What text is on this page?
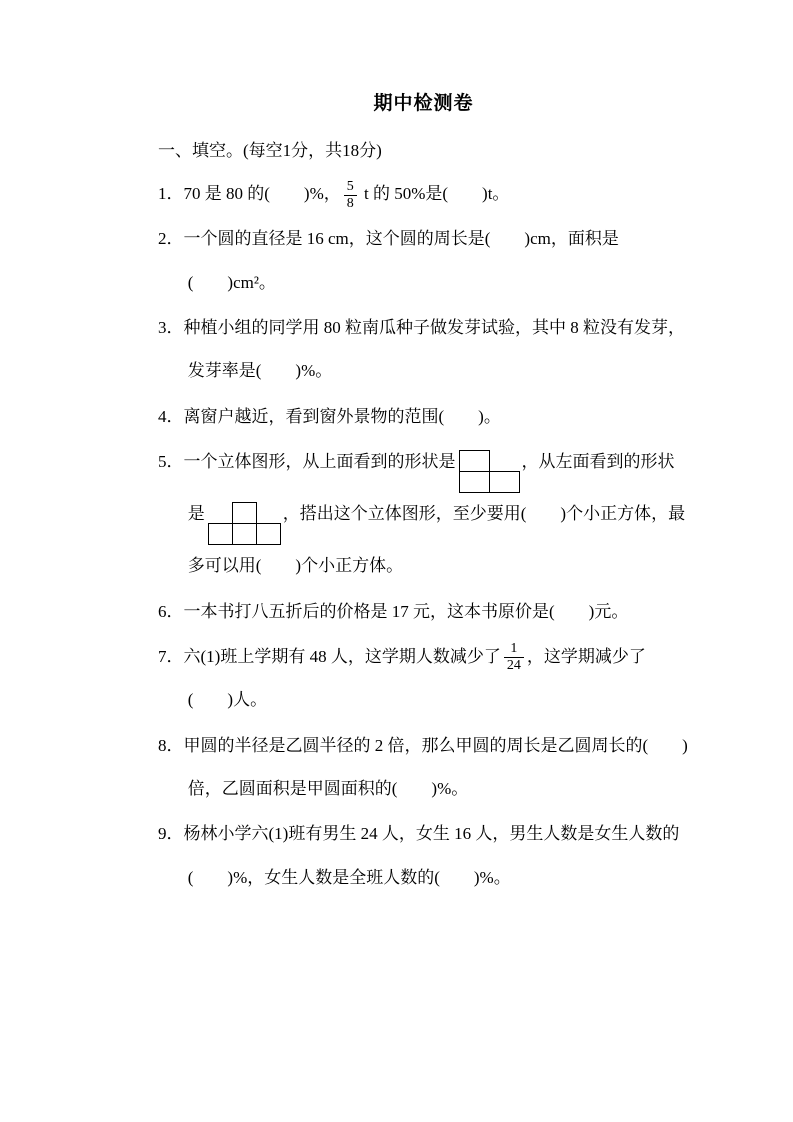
期中检测卷
一、填空。(每空1分，共18分)
1．70 是 80 的(　　)%， $\frac{5}{8}$ t 的 50%是(　　)t。
2．一个圆的直径是 16 cm，这个圆的周长是(　　)cm，面积是(　　)cm²。
3．种植小组的同学用 80 粒南瓜种子做发芽试验，其中 8 粒没有发芽，发芽率是(　　)%。
4．离窗户越近，看到窗外景物的范围(　　)。
5．一个立体图形，从上面看到的形状是	，从左面看到的形状是	，搭出这个立体图形，至少要用(　　)个小正方体，最多可以用(　　)个小正方体。
6．一本书打八五折后的价格是 17 元，这本书原价是(　　)元。
7．六(1)班上学期有 48 人，这学期人数减少了 $\frac{1}{24}$ ，这学期减少了(　　)人。
8．甲圆的半径是乙圆半径的 2 倍，那么甲圆的周长是乙圆周长的(　　)倍，乙圆面积是甲圆面积的(　　)%。
9．杨林小学六(1)班有男生 24 人，女生 16 人，男生人数是女生人数的(　　)%，女生人数是全班人数的(　　)%。
